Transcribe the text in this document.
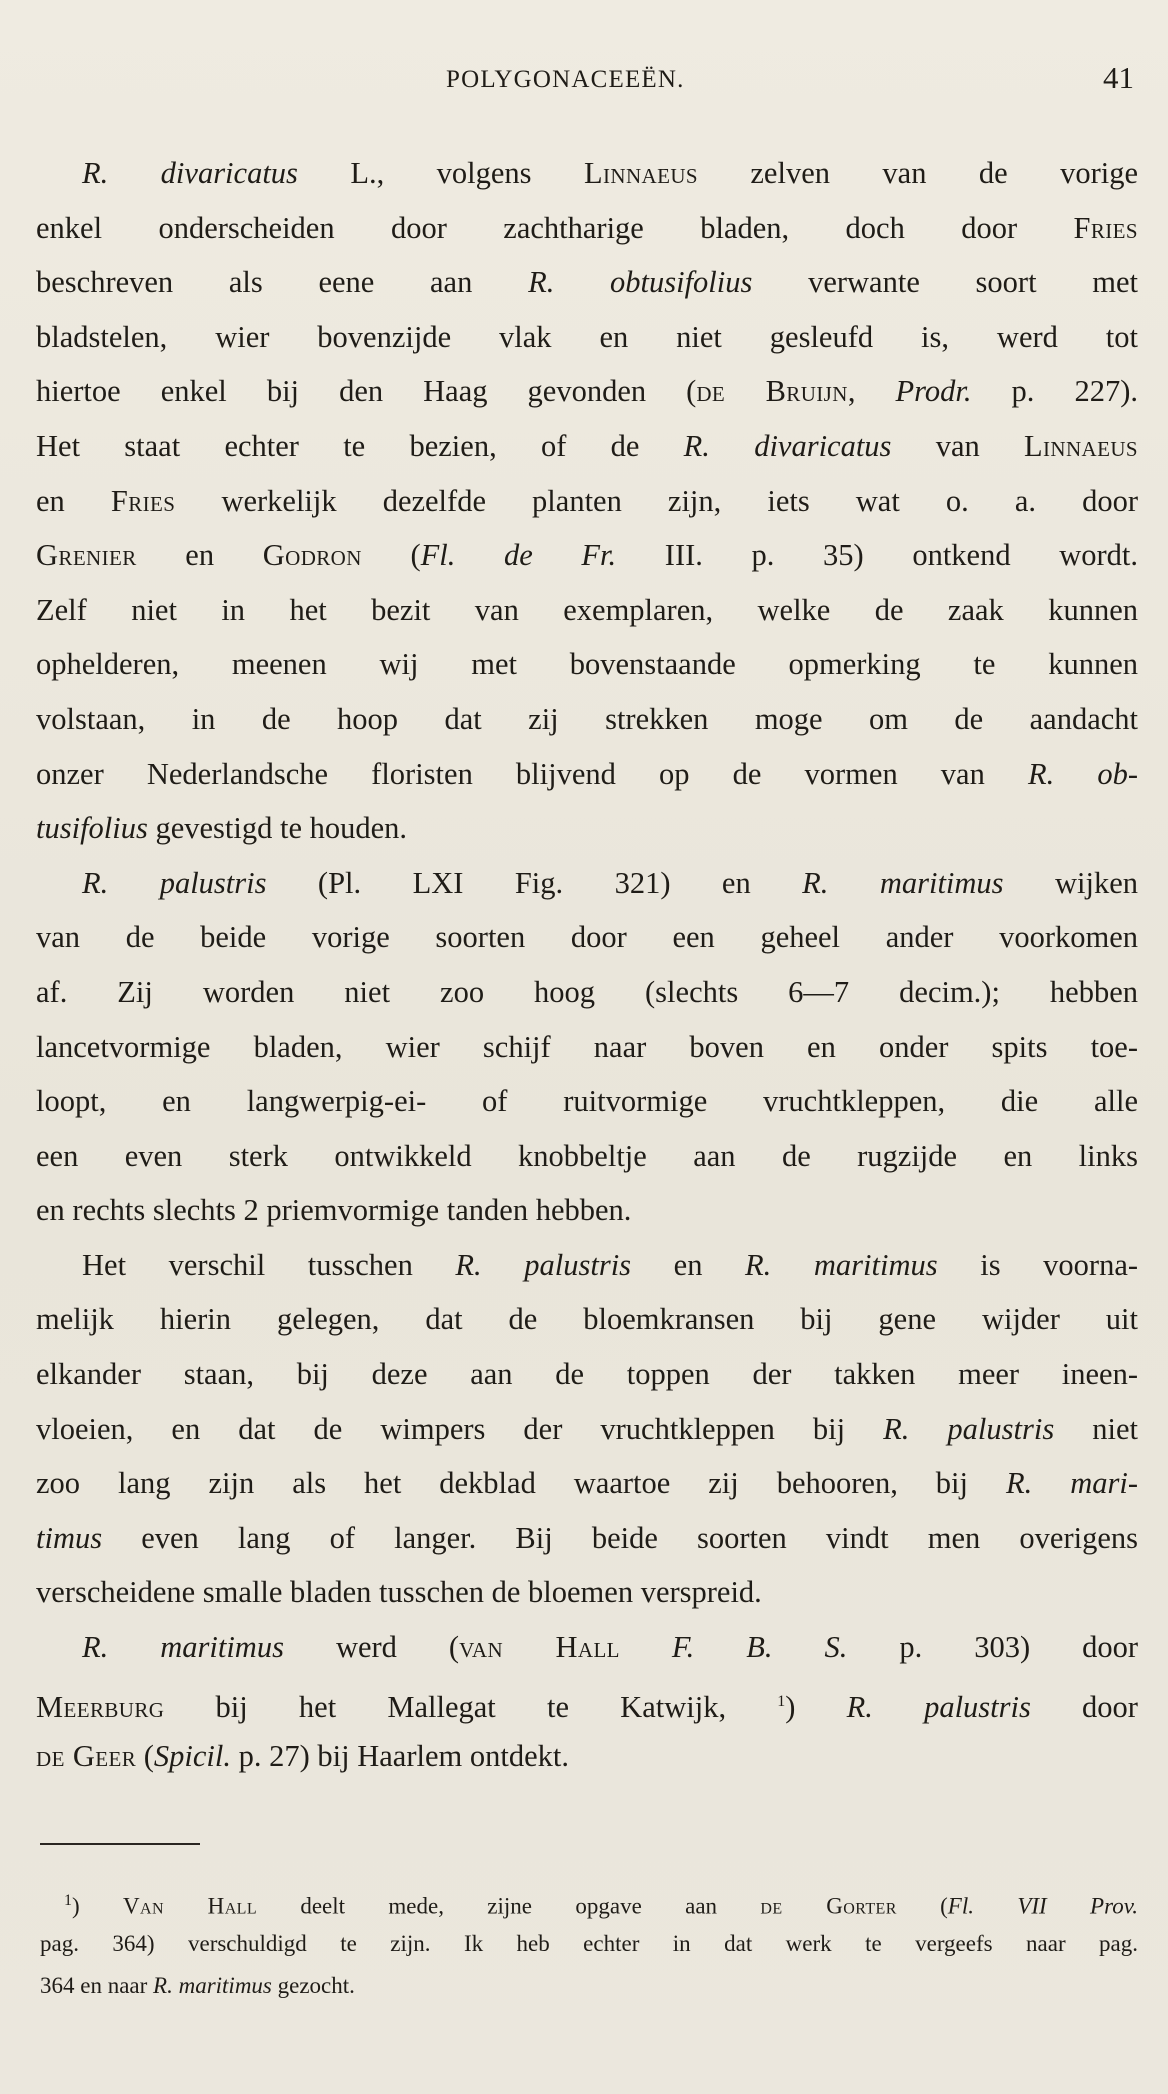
POLYGONACEEËN.	41
R. divaricatus L., volgens Linnaeus zelven van de vorige
enkel onderscheiden door zachtharige bladen, doch door Fries
beschreven als eene aan R. obtusifolius verwante soort met
bladstelen, wier bovenzijde vlak en niet gesleufd is, werd tot
hiertoe enkel bij den Haag gevonden (de Bruijn, Prodr. p. 227).
Het staat echter te bezien, of de R. divaricatus van Linnaeus
en Fries werkelijk dezelfde planten zijn, iets wat o. a. door
Grenier en Godron (Fl. de Fr. III. p. 35) ontkend wordt.
Zelf niet in het bezit van exemplaren, welke de zaak kunnen
ophelderen, meenen wij met bovenstaande opmerking te kunnen
volstaan, in de hoop dat zij strekken moge om de aandacht
onzer Nederlandsche floristen blijvend op de vormen van R. ob-
tusifolius gevestigd te houden.
R. palustris (Pl. LXI Fig. 321) en R. maritimus wijken
van de beide vorige soorten door een geheel ander voorkomen
af. Zij worden niet zoo hoog (slechts 6—7 decim.); hebben
lancetvormige bladen, wier schijf naar boven en onder spits toe-
loopt, en langwerpig-ei- of ruitvormige vruchtkleppen, die alle
een even sterk ontwikkeld knobbeltje aan de rugzijde en links
en rechts slechts 2 priemvormige tanden hebben.
Het verschil tusschen R. palustris en R. maritimus is voorna-
melijk hierin gelegen, dat de bloemkransen bij gene wijder uit
elkander staan, bij deze aan de toppen der takken meer ineen-
vloeien, en dat de wimpers der vruchtkleppen bij R. palustris niet
zoo lang zijn als het dekblad waartoe zij behooren, bij R. mari-
timus even lang of langer. Bij beide soorten vindt men overigens
verscheidene smalle bladen tusschen de bloemen verspreid.
R. maritimus werd (van Hall F. B. S. p. 303) door
Meerburg bij het Mallegat te Katwijk, $^1$) R. palustris door
de Geer (Spicil. p. 27) bij Haarlem ontdekt.
$^1$) Van Hall deelt mede, zijne opgave aan de Gorter (Fl. VII Prov.
pag. 364) verschuldigd te zijn. Ik heb echter in dat werk te vergeefs naar pag.
364 en naar R. maritimus gezocht.
